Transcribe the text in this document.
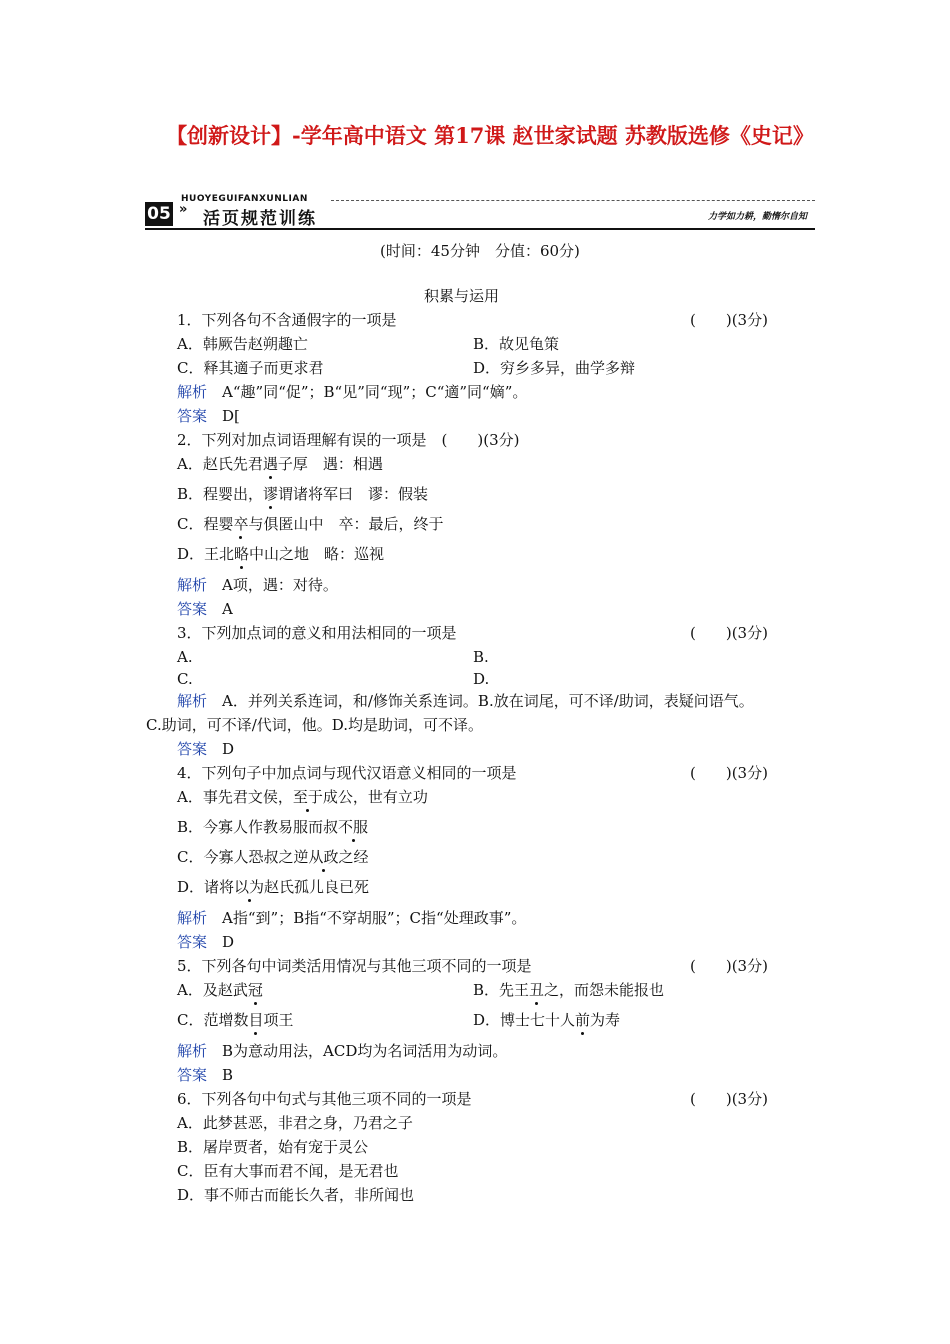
【创新设计】-学年高中语文 第17课 赵世家试题 苏教版选修《史记》
HUOYEGUIFANXUNLIAN
05 » 活页规范训练	力学如力耕，勤惰尔自知
(时间：45分钟　分值：60分)
积累与运用
1．下列各句不含通假字的一项是	(　　)(3分)
A．韩厥告赵朔趣亡	B．故见龟策
C．释其適子而更求君	D．穷乡多异，曲学多辩
解析　 A“趣”同“促”；B“见”同“现”；C“適”同“嫡”。
答案　 D[
2．下列对加点词语理解有误的一项是　(　　)(3分)
A．赵氏先君遇子厚　遇：相遇
B．程婴出，谬谓诸将军曰　谬：假装
C．程婴卒与俱匿山中　卒：最后，终于
D．王北略中山之地　略：巡视
解析　 A项，遇：对待。
答案　 A
3．下列加点词的意义和用法相同的一项是	(　　)(3分)
A.	B.
C.	D.
解析　 A．并列关系连词，和/修饰关系连词。B.放在词尾，可不译/助词，表疑问语气。
C.助词，可不译/代词，他。D.均是助词，可不译。
答案　 D
4．下列句子中加点词与现代汉语意义相同的一项是	(　　)(3分)
A．事先君文侯，至于成公，世有立功
B．今寡人作教易服而叔不服
C．今寡人恐叔之逆从政之经
D．诸将以为赵氏孤儿良已死
解析　 A指“到”；B指“不穿胡服”；C指“处理政事”。
答案　 D
5．下列各句中词类活用情况与其他三项不同的一项是	(　　)(3分)
A．及赵武冠	B．先王丑之，而怨未能报也
C．范增数目项王	D．博士七十人前为寿
解析　 B为意动用法，ACD均为名词活用为动词。
答案　 B
6．下列各句中句式与其他三项不同的一项是	(　　)(3分)
A．此梦甚恶，非君之身，乃君之子
B．屠岸贾者，始有宠于灵公
C．臣有大事而君不闻，是无君也
D．事不师古而能长久者，非所闻也
